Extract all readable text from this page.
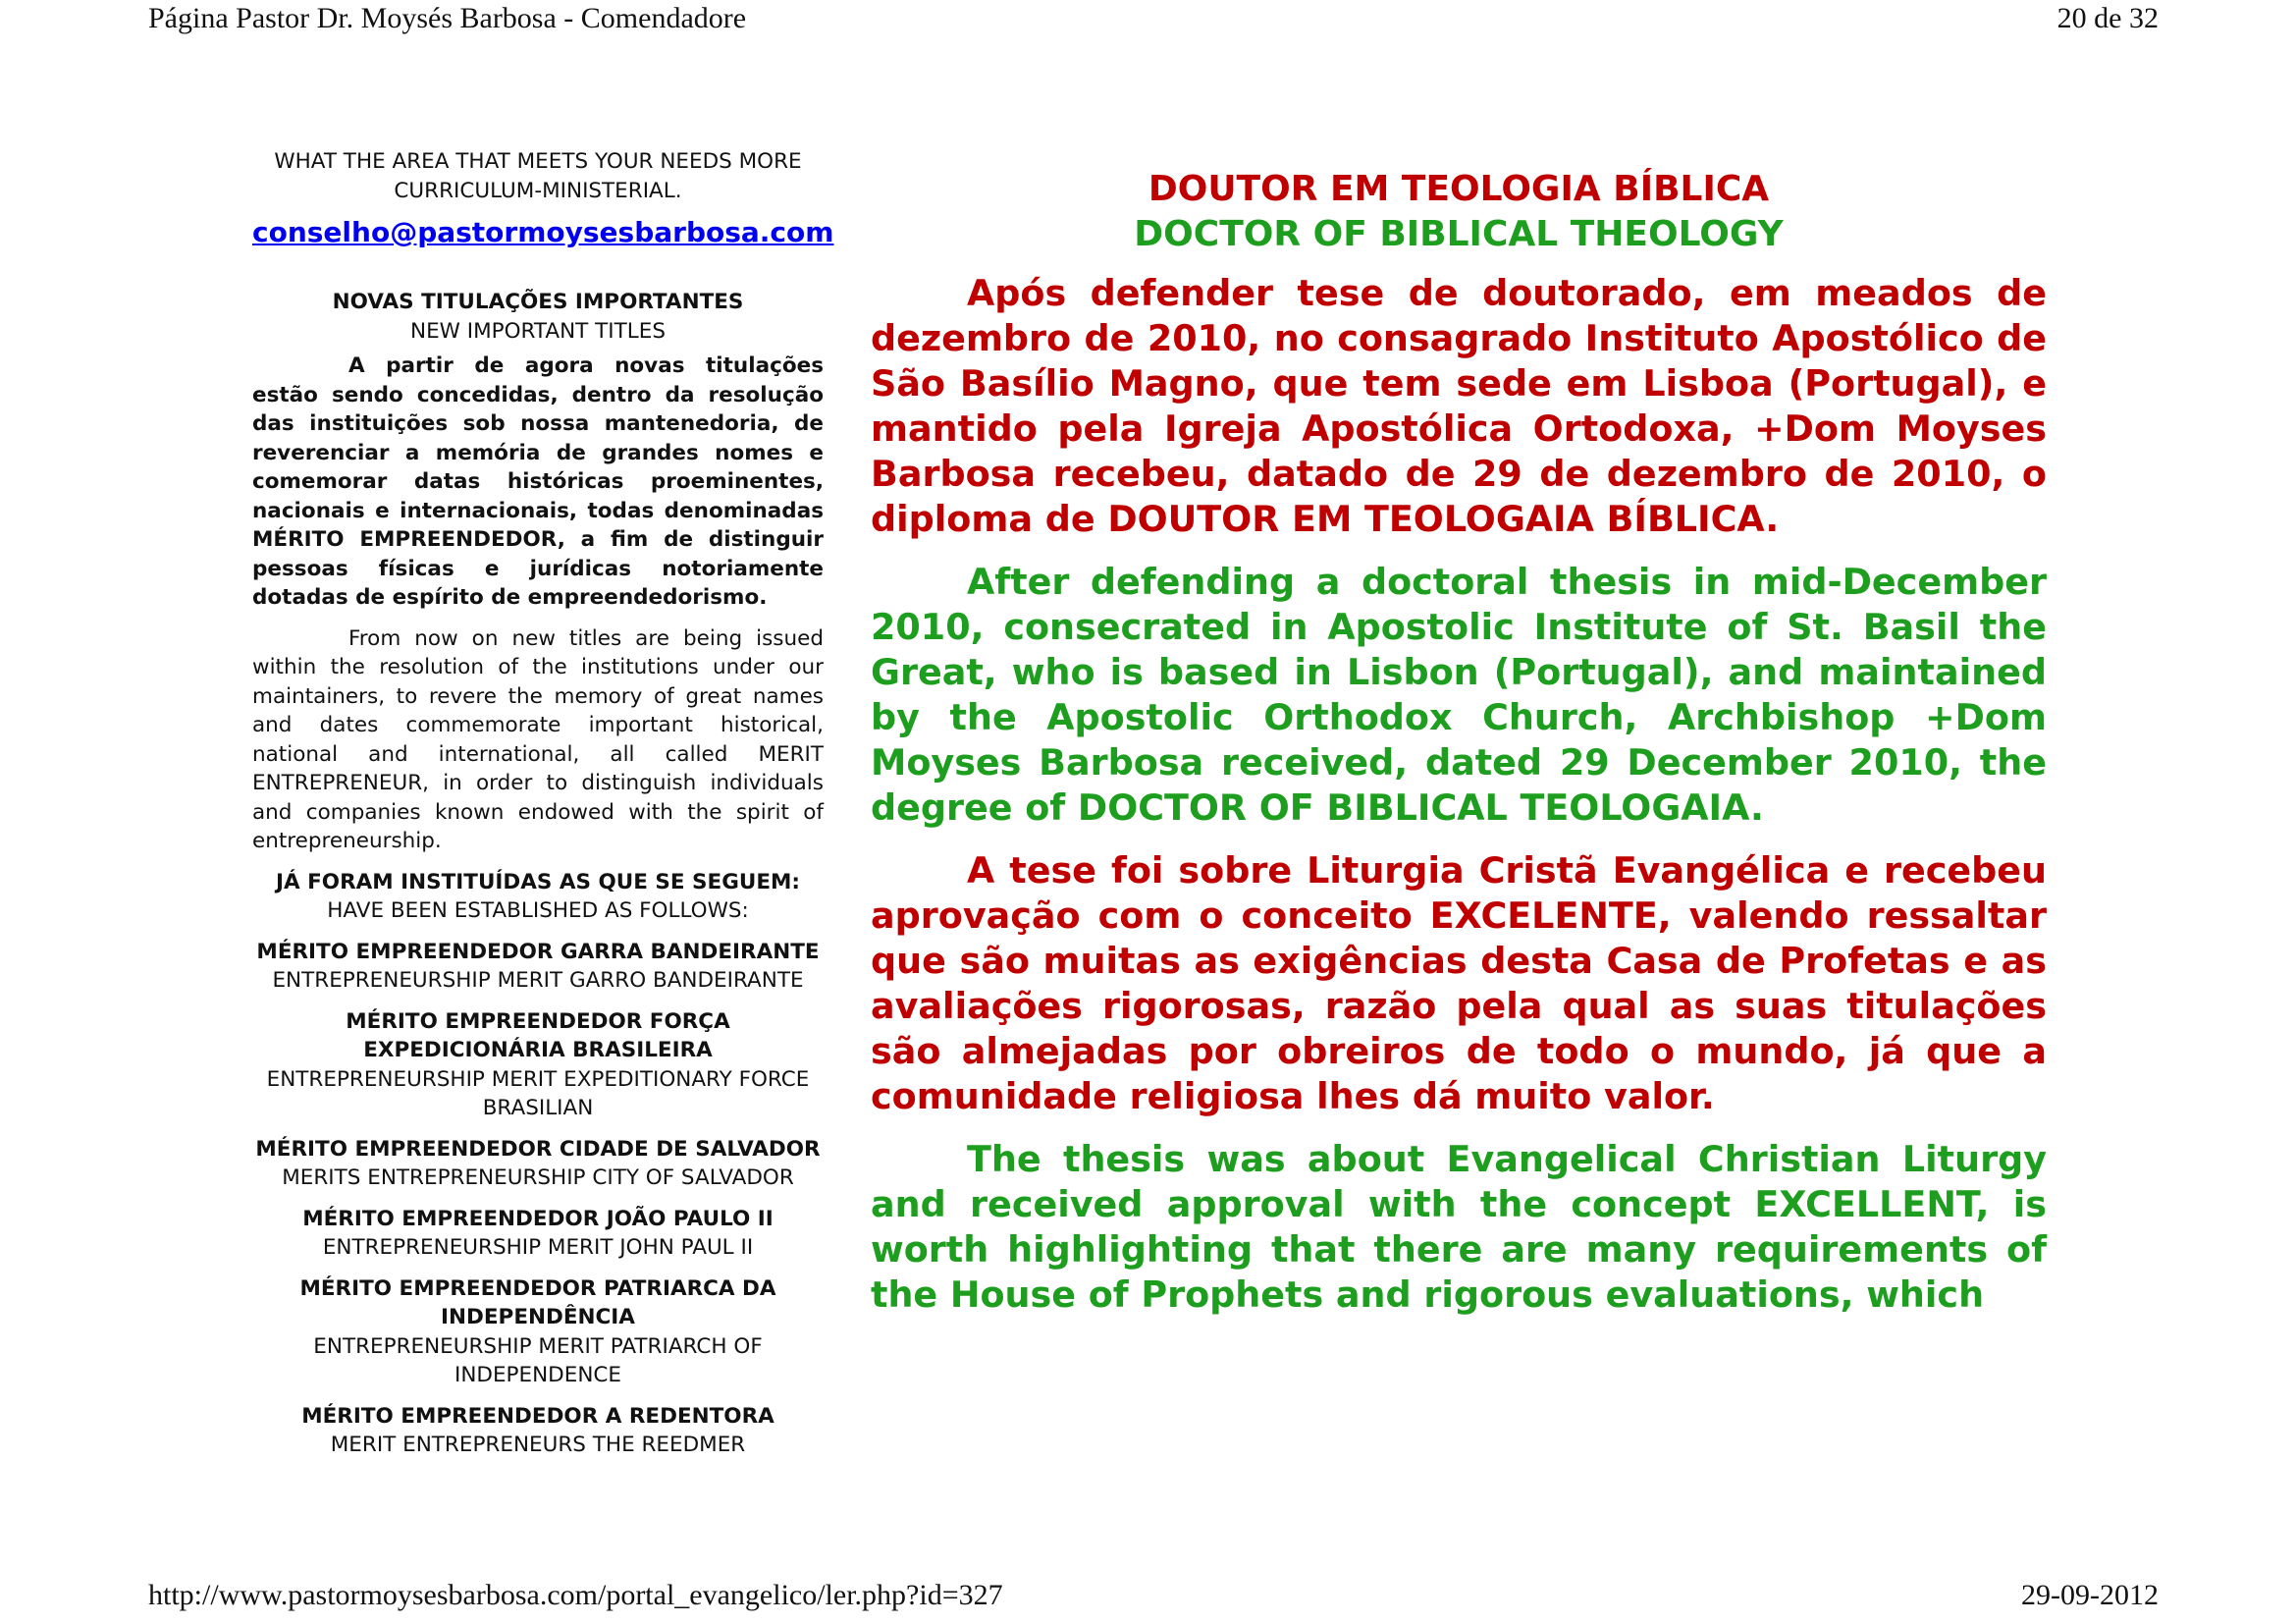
Página Pastor Dr. Moysés Barbosa - Comendadore	20 de 32
WHAT THE AREA THAT MEETS YOUR NEEDS MORE
CURRICULUM-MINISTERIAL.
conselho@pastormoysesbarbosa.com
NOVAS TITULAÇÕES IMPORTANTES
NEW IMPORTANT TITLES

A partir de agora novas titulações estão sendo concedidas, dentro da resolução das instituições sob nossa mantenedoria, de reverenciar a memória de grandes nomes e comemorar datas históricas proeminentes, nacionais e internacionais, todas denominadas MÉRITO EMPREENDEDOR, a fim de distinguir pessoas físicas e jurídicas notoriamente dotadas de espírito de empreendedorismo.

From now on new titles are being issued within the resolution of the institutions under our maintainers, to revere the memory of great names and dates commemorate important historical, national and international, all called MERIT ENTREPRENEUR, in order to distinguish individuals and companies known endowed with the spirit of entrepreneurship.

JÁ FORAM INSTITUÍDAS AS QUE SE SEGUEM:
HAVE BEEN ESTABLISHED AS FOLLOWS:
MÉRITO EMPREENDEDOR GARRA BANDEIRANTE
ENTREPRENEURSHIP MERIT GARRO BANDEIRANTE
MÉRITO EMPREENDEDOR FORÇA EXPEDICIONÁRIA BRASILEIRA
ENTREPRENEURSHIP MERIT EXPEDITIONARY FORCE BRASILIAN
MÉRITO EMPREENDEDOR CIDADE DE SALVADOR
MERITS ENTREPRENEURSHIP CITY OF SALVADOR
MÉRITO EMPREENDEDOR JOÃO PAULO II
ENTREPRENEURSHIP MERIT JOHN PAUL II
MÉRITO EMPREENDEDOR PATRIARCA DA INDEPENDÊNCIA
ENTREPRENEURSHIP MERIT PATRIARCH OF INDEPENDENCE
MÉRITO EMPREENDEDOR A REDENTORA
MERIT ENTREPRENEURS THE REEDMER
DOUTOR EM TEOLOGIA BÍBLICA
DOCTOR OF BIBLICAL THEOLOGY

Após defender tese de doutorado, em meados de dezembro de 2010, no consagrado Instituto Apostólico de São Basílio Magno, que tem sede em Lisboa (Portugal), e mantido pela Igreja Apostólica Ortodoxa, +Dom Moyses Barbosa recebeu, datado de 29 de dezembro de 2010, o diploma de DOUTOR EM TEOLOGAIA BÍBLICA.

After defending a doctoral thesis in mid-December 2010, consecrated in Apostolic Institute of St. Basil the Great, who is based in Lisbon (Portugal), and maintained by the Apostolic Orthodox Church, Archbishop +Dom Moyses Barbosa received, dated 29 December 2010, the degree of DOCTOR OF BIBLICAL TEOLOGAIA.

A tese foi sobre Liturgia Cristã Evangélica e recebeu aprovação com o conceito EXCELENTE, valendo ressaltar que são muitas as exigências desta Casa de Profetas e as avaliações rigorosas, razão pela qual as suas titulações são almejadas por obreiros de todo o mundo, já que a comunidade religiosa lhes dá muito valor.

The thesis was about Evangelical Christian Liturgy and received approval with the concept EXCELLENT, is worth highlighting that there are many requirements of the House of Prophets and rigorous evaluations, which

http://www.pastormoysesbarbosa.com/portal_evangelico/ler.php?id=327	29-09-2012
